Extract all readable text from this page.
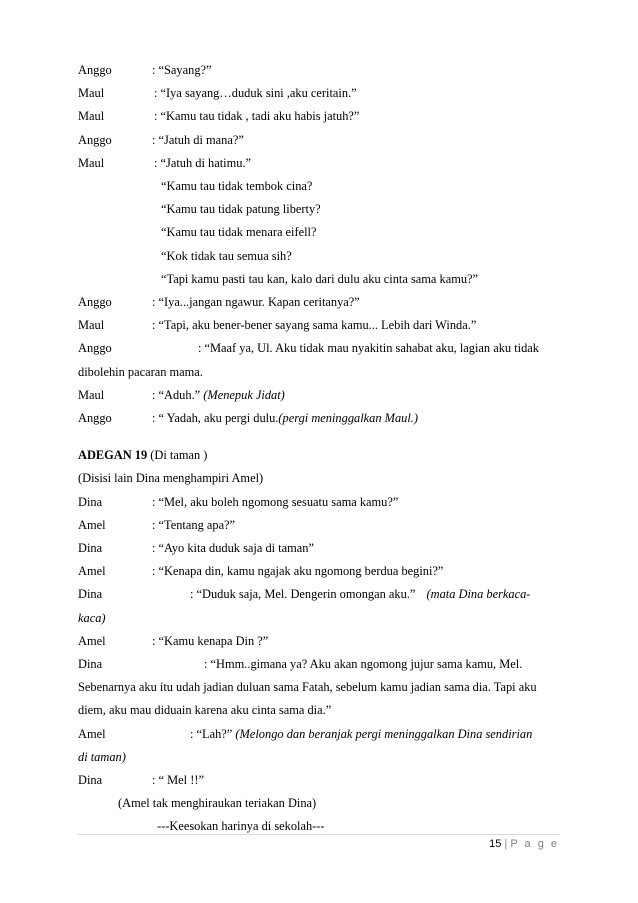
Anggo	: “Sayang?”
Maul	: “Iya sayang…duduk sini ,aku ceritain.”
Maul	: “Kamu tau tidak , tadi aku habis jatuh?”
Anggo	: “Jatuh di mana?”
Maul	: “Jatuh di hatimu.”
“Kamu tau tidak tembok cina?
“Kamu tau tidak patung liberty?
“Kamu tau tidak menara eifell?
“Kok tidak tau semua sih?
“Tapi kamu pasti tau kan, kalo dari dulu aku cinta sama kamu?”
Anggo	: “Iya...jangan ngawur. Kapan ceritanya?”
Maul	: “Tapi, aku bener-bener sayang sama kamu... Lebih dari Winda.”
Anggo	: “Maaf ya, Ul. Aku tidak mau nyakitin sahabat aku, lagian aku tidak
dibolehin pacaran mama.
Maul	: “Aduh.” (Menepuk Jidat)
Anggo	: “ Yadah, aku pergi dulu.(pergi meninggalkan Maul.)
ADEGAN 19 (Di taman )
(Disisi lain Dina menghampiri Amel)
Dina	: “Mel, aku boleh ngomong sesuatu sama kamu?”
Amel	: “Tentang apa?”
Dina	: “Ayo kita duduk saja di taman”
Amel	: “Kenapa din, kamu ngajak aku ngomong berdua begini?”
Dina	: “Duduk saja, Mel. Dengerin omongan aku.” (mata Dina berkaca-
kaca)
Amel	: “Kamu kenapa Din ?”
Dina	: “Hmm..gimana ya? Aku akan ngomong jujur sama kamu, Mel.
Sebenarnya aku itu udah jadian duluan sama Fatah, sebelum kamu jadian sama dia. Tapi aku
diem, aku mau diduain karena aku cinta sama dia.”
Amel	: “Lah?” (Melongo dan beranjak pergi meninggalkan Dina sendirian
di taman)
Dina	: “ Mel !!”
(Amel tak menghiraukan teriakan Dina)
15 | P a g e
---Keesokan harinya di sekolah---
